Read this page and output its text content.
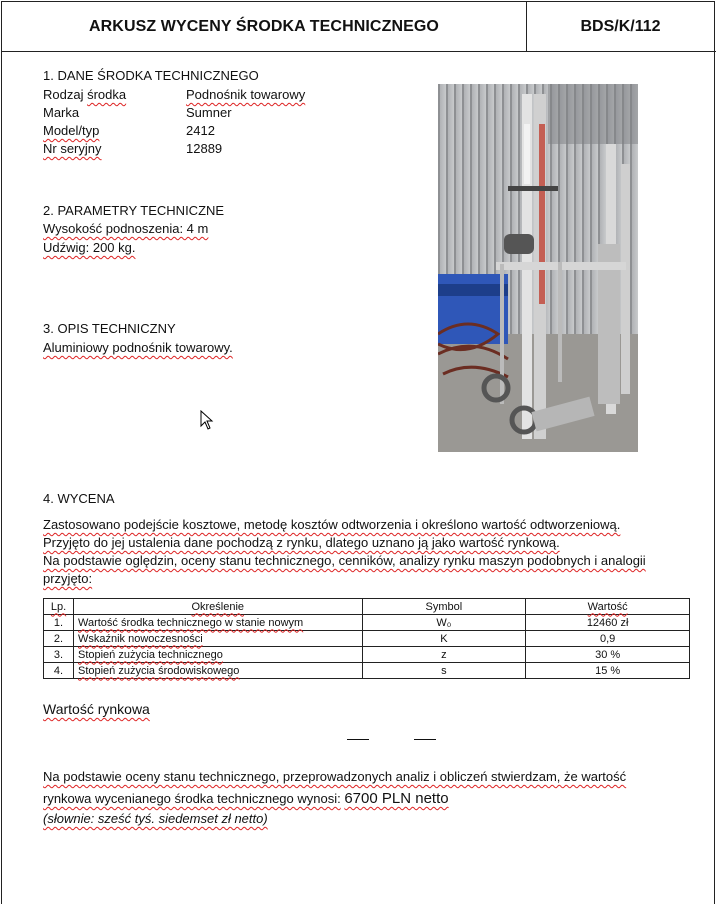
ARKUSZ WYCENY ŚRODKA TECHNICZNEGO	BDS/K/112
1. DANE ŚRODKA TECHNICZNEGO
Rodzaj środka	Podnośnik towarowy
Marka	Sumner
Model/typ	2412
Nr seryjny	12889
2. PARAMETRY TECHNICZNE
Wysokość podnoszenia: 4 m
Udźwig: 200 kg.
3. OPIS TECHNICZNY
Aluminiowy podnośnik towarowy.
4. WYCENA
Zastosowano podejście kosztowe, metodę kosztów odtworzenia i określono wartość odtworzeniową.
Przyjęto do jej ustalenia dane pochodzą z rynku, dlatego uznano ją jako wartość rynkową.
Na podstawie oględzin, oceny stanu technicznego, cenników, analizy rynku maszyn podobnych i analogii
przyjęto:
Lp.	Określenie	Symbol	Wartość
1.	Wartość środka technicznego w stanie nowym	W₀	12460 zł
2.	Wskaźnik nowoczesności	K	0,9
3.	Stopień zużycia technicznego	z	30 %
4.	Stopień zużycia środowiskowego	s	15 %
Wartość rynkowa
Na podstawie oceny stanu technicznego, przeprowadzonych analiz i obliczeń stwierdzam, że wartość
rynkowa wycenianego środka technicznego wynosi: 6700 PLN netto
(słownie: sześć tyś. siedemset zł netto)
